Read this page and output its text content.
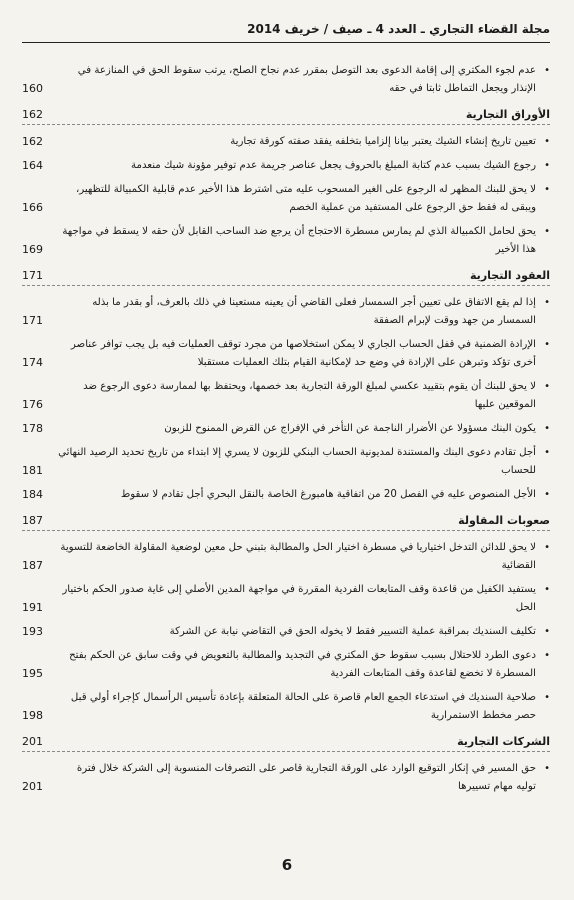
مجلة القضاء التجاري ـ العدد 4 ـ صيف / خريف 2014
•
عدم لجوء المكتري إلى إقامة الدعوى بعد التوصل بمقرر عدم نجاح الصلح، يرتب سقوط الحق في المنازعة في الإنذار ويجعل التماطل ثابتا في حقه
160
الأوراق التجارية
162
•
تعيين تاريخ إنشاء الشيك يعتبر بيانا إلزاميا بتخلفه يفقد صفته كورقة تجارية
162
•
رجوع الشيك بسبب عدم كتابة المبلغ بالحروف يجعل عناصر جريمة عدم توفير مؤونة شيك منعدمة
164
•
لا يحق للبنك المظهر له الرجوع على الغير المسحوب عليه متى اشترط هذا الأخير عدم قابلية الكمبيالة للتظهير، ويبقى له فقط حق الرجوع على المستفيد من عملية الخصم
166
•
يحق لحامل الكمبيالة الذي لم يمارس مسطرة الاحتجاج أن يرجع ضد الساحب القابل لأن حقه لا يسقط في مواجهة هذا الأخير
169
العقود التجارية
171
•
إذا لم يقع الاتفاق على تعيين أجر السمسار فعلى القاضي أن يعينه مستعينا في ذلك بالعرف، أو بقدر ما بذله السمسار من جهد ووقت لإبرام الصفقة
171
•
الإرادة الضمنية في قفل الحساب الجاري لا يمكن استخلاصها من مجرد توقف العمليات فيه بل يجب توافر عناصر أخرى تؤكد وتبرهن على الإرادة في وضع حد لإمكانية القيام بتلك العمليات مستقبلا
174
•
لا يحق للبنك أن يقوم بتقييد عكسي لمبلغ الورقة التجارية بعد خصمها، ويحتفظ بها لممارسة دعوى الرجوع ضد الموقعين عليها
176
•
يكون البنك مسؤولا عن الأضرار الناجمة عن التأخر في الإفراج عن القرض الممنوح للزبون
178
•
أجل تقادم دعوى البنك والمستندة لمديونية الحساب البنكي للزبون لا يسري إلا ابتداء من تاريخ تحديد الرصيد النهائي للحساب
181
•
الأجل المنصوص عليه في الفصل 20 من اتفاقية هامبورغ الخاصة بالنقل البحري أجل تقادم لا سقوط
184
صعوبات المقاولة
187
•
لا يحق للدائن التدخل اختياريا في مسطرة اختيار الحل والمطالبة بتبني حل معين لوضعية المقاولة الخاضعة للتسوية القضائية
187
•
يستفيد الكفيل من قاعدة وقف المتابعات الفردية المقررة في مواجهة المدين الأصلي إلى غاية صدور الحكم باختيار الحل
191
•
تكليف السنديك بمراقبة عملية التسيير فقط لا يخوله الحق في التقاضي نيابة عن الشركة
193
•
دعوى الطرد للاحتلال بسبب سقوط حق المكتري في التجديد والمطالبة بالتعويض في وقت سابق عن الحكم بفتح المسطرة لا تخضع لقاعدة وقف المتابعات الفردية
195
•
صلاحية السنديك في استدعاء الجمع العام قاصرة على الحالة المتعلقة بإعادة تأسيس الرأسمال كإجراء أولي قبل حصر مخطط الاستمرارية
198
الشركات التجارية
201
•
حق المسير في إنكار التوقيع الوارد على الورقة التجارية قاصر على التصرفات المنسوبة إلى الشركة خلال فترة توليه مهام تسييرها
201
6
